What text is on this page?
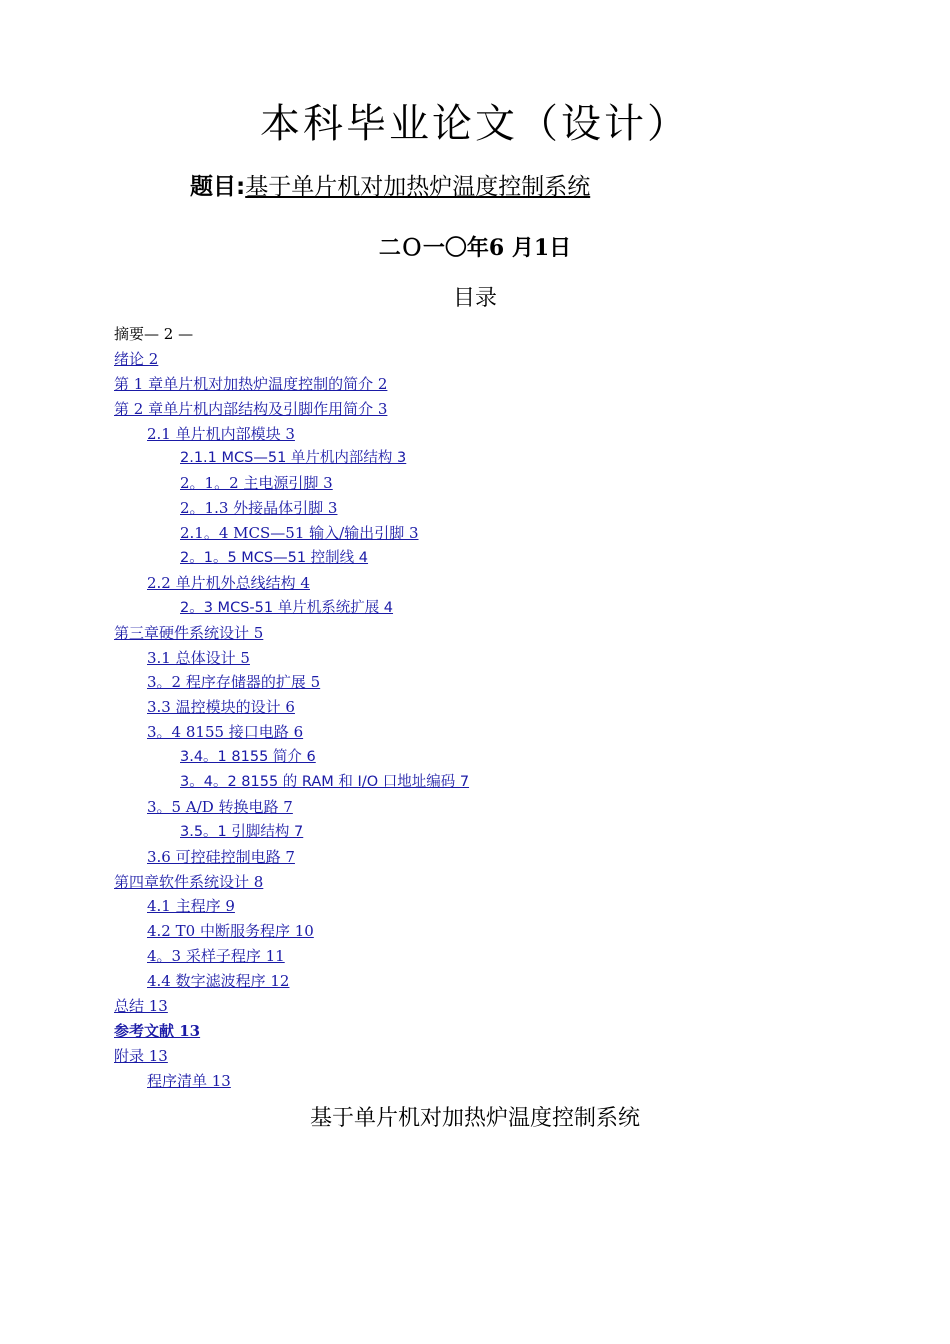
本科毕业论文（设计）
题目:基于单片机对加热炉温度控制系统
二Ｏ一〇年6 月1日
目录
摘要— 2 —
绪论 2
第 1 章单片机对加热炉温度控制的简介 2
第 2 章单片机内部结构及引脚作用简介 3
2.1 单片机内部模块 3
2.1.1 MCS—51 单片机内部结构 3
2。1。2 主电源引脚 3
2。1.3 外接晶体引脚 3
2.1。4 MCS—51 输入/输出引脚 3
2。1。5 MCS—51 控制线 4
2.2 单片机外总线结构 4
2。3 MCS-51 单片机系统扩展 4
第三章硬件系统设计 5
3.1 总体设计 5
3。2 程序存储器的扩展 5
3.3 温控模块的设计 6
3。4 8155 接口电路 6
3.4。1 8155 简介 6
3。4。2 8155 的 RAM 和 I/O 口地址编码 7
3。5 A/D 转换电路 7
3.5。1 引脚结构 7
3.6 可控硅控制电路 7
第四章软件系统设计 8
4.1 主程序 9
4.2 T0 中断服务程序 10
4。3 采样子程序 11
4.4 数字滤波程序 12
总结 13
参考文献 13
附录 13
程序清单 13
基于单片机对加热炉温度控制系统
